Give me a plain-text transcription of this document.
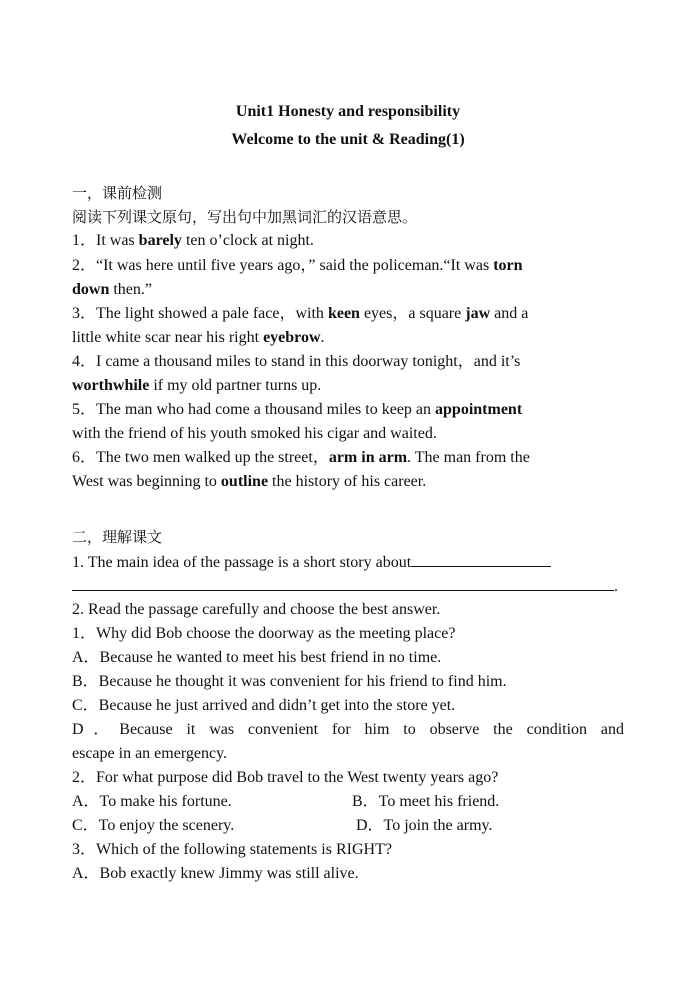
Unit1 Honesty and responsibility
Welcome to the unit & Reading(1)
一，课前检测
阅读下列课文原句，写出句中加黑词汇的汉语意思。
1．It was barely ten o’clock at night.
2．“It was here until five years ago，” said the policeman.“It was torn
down then.”
3．The light showed a pale face，with keen eyes，a square jaw and a
little white scar near his right eyebrow.
4．I came a thousand miles to stand in this doorway tonight，and it’s
worthwhile if my old partner turns up.
5．The man who had come a thousand miles to keep an appointment
with the friend of his youth smoked his cigar and waited.
6．The two men walked up the street，arm in arm. The man from the
West was beginning to outline the history of his career.
二，理解课文
1. The main idea of the passage is a short story about
.
2. Read the passage carefully and choose the best answer.
1．Why did Bob choose the doorway as the meeting place?
A．Because he wanted to meet his best friend in no time.
B．Because he thought it was convenient for his friend to find him.
C．Because he just arrived and didn’t get into the store yet.
D．Because it was convenient for him to observe the condition and
escape in an emergency.
2．For what purpose did Bob travel to the West twenty years ago?
A．To make his fortune.	B．To meet his friend.
C．To enjoy the scenery.	D．To join the army.
3．Which of the following statements is RIGHT?
A．Bob exactly knew Jimmy was still alive.
